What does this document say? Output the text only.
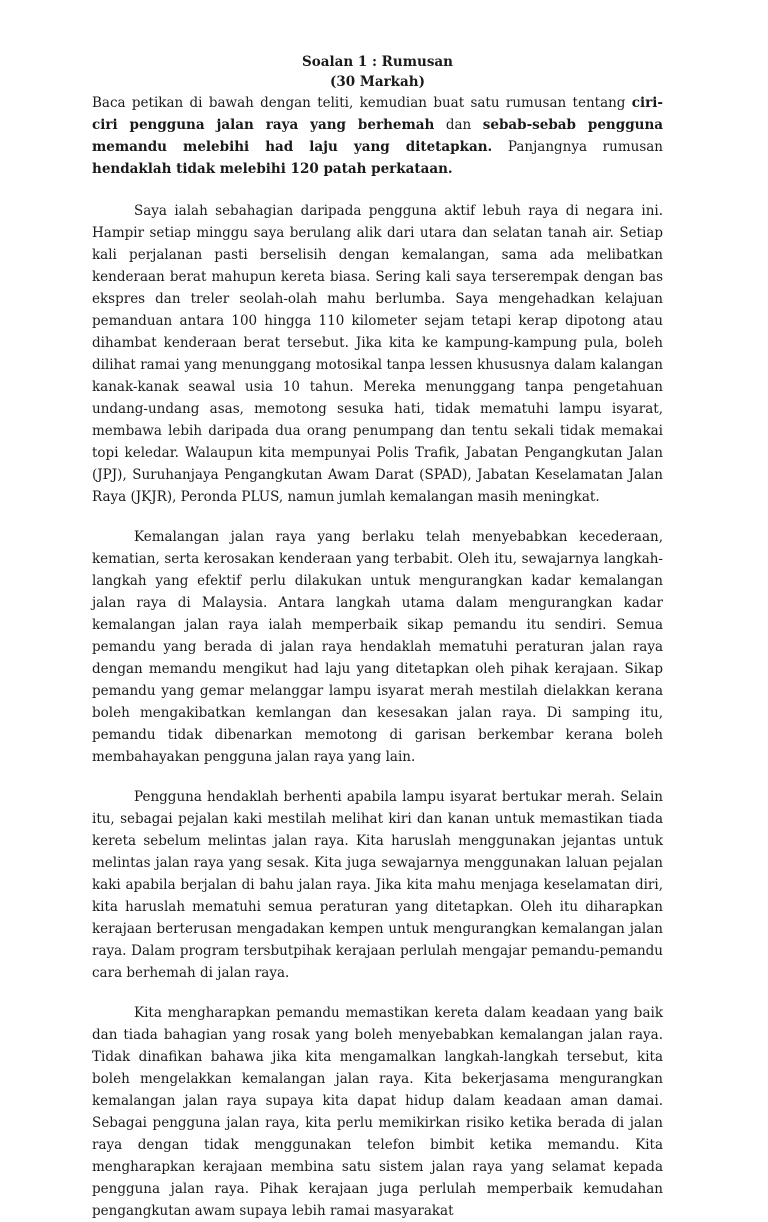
Soalan 1 : Rumusan
(30 Markah)

Baca petikan di bawah dengan teliti, kemudian buat satu rumusan tentang ciri-ciri pengguna jalan raya yang berhemah dan sebab-sebab pengguna memandu melebihi had laju yang ditetapkan. Panjangnya rumusan hendaklah tidak melebihi 120 patah perkataan.

Saya ialah sebahagian daripada pengguna aktif lebuh raya di negara ini. Hampir setiap minggu saya berulang alik dari utara dan selatan tanah air. Setiap kali perjalanan pasti berselisih dengan kemalangan, sama ada melibatkan kenderaan berat mahupun kereta biasa. Sering kali saya terserempak dengan bas ekspres dan treler seolah-olah mahu berlumba. Saya mengehadkan kelajuan pemanduan antara 100 hingga 110 kilometer sejam tetapi kerap dipotong atau dihambat kenderaan berat tersebut. Jika kita ke kampung-kampung pula, boleh dilihat ramai yang menunggang motosikal tanpa lessen khususnya dalam kalangan kanak-kanak seawal usia 10 tahun. Mereka menunggang tanpa pengetahuan undang-undang asas, memotong sesuka hati, tidak mematuhi lampu isyarat, membawa lebih daripada dua orang penumpang dan tentu sekali tidak memakai topi keledar. Walaupun kita mempunyai Polis Trafik, Jabatan Pengangkutan Jalan (JPJ), Suruhanjaya Pengangkutan Awam Darat (SPAD), Jabatan Keselamatan Jalan Raya (JKJR), Peronda PLUS, namun jumlah kemalangan masih meningkat.

Kemalangan jalan raya yang berlaku telah menyebabkan kecederaan, kematian, serta kerosakan kenderaan yang terbabit. Oleh itu, sewajarnya langkah-langkah yang efektif perlu dilakukan untuk mengurangkan kadar kemalangan jalan raya di Malaysia. Antara langkah utama dalam mengurangkan kadar kemalangan jalan raya ialah memperbaik sikap pemandu itu sendiri. Semua pemandu yang berada di jalan raya hendaklah mematuhi peraturan jalan raya dengan memandu mengikut had laju yang ditetapkan oleh pihak kerajaan. Sikap pemandu yang gemar melanggar lampu isyarat merah mestilah dielakkan kerana boleh mengakibatkan kemlangan dan kesesakan jalan raya. Di samping itu, pemandu tidak dibenarkan memotong di garisan berkembar kerana boleh membahayakan pengguna jalan raya yang lain.

Pengguna hendaklah berhenti apabila lampu isyarat bertukar merah. Selain itu, sebagai pejalan kaki mestilah melihat kiri dan kanan untuk memastikan tiada kereta sebelum melintas jalan raya. Kita haruslah menggunakan jejantas untuk melintas jalan raya yang sesak. Kita juga sewajarnya menggunakan laluan pejalan kaki apabila berjalan di bahu jalan raya. Jika kita mahu menjaga keselamatan diri, kita haruslah mematuhi semua peraturan yang ditetapkan. Oleh itu diharapkan kerajaan berterusan mengadakan kempen untuk mengurangkan kemalangan jalan raya. Dalam program tersbutpihak kerajaan perlulah mengajar pemandu-pemandu cara berhemah di jalan raya.

Kita mengharapkan pemandu memastikan kereta dalam keadaan yang baik dan tiada bahagian yang rosak yang boleh menyebabkan kemalangan jalan raya. Tidak dinafikan bahawa jika kita mengamalkan langkah-langkah tersebut, kita boleh mengelakkan kemalangan jalan raya. Kita bekerjasama mengurangkan kemalangan jalan raya supaya kita dapat hidup dalam keadaan aman damai. Sebagai pengguna jalan raya, kita perlu memikirkan risiko ketika berada di jalan raya dengan tidak menggunakan telefon bimbit ketika memandu. Kita mengharapkan kerajaan membina satu sistem jalan raya yang selamat kepada pengguna jalan raya. Pihak kerajaan juga perlulah memperbaik kemudahan pengangkutan awam supaya lebih ramai masyarakat
